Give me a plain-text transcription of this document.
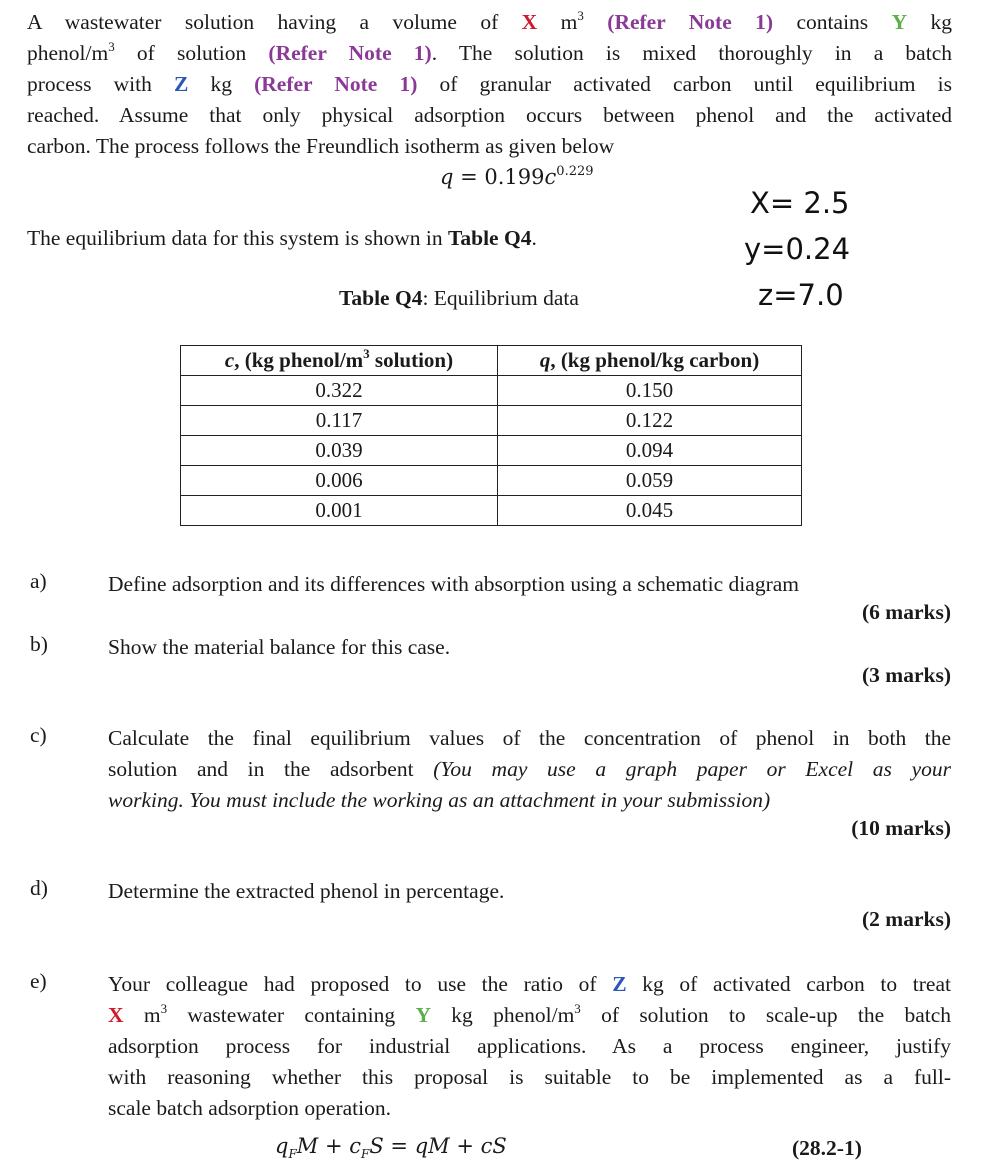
A wastewater solution having a volume of X $m^3$ (Refer Note 1) contains Y kg
phenol/$m^3$ of solution (Refer Note 1). The solution is mixed thoroughly in a batch
process with Z kg (Refer Note 1) of granular activated carbon until equilibrium is
reached. Assume that only physical adsorption occurs between phenol and the activated
carbon. The process follows the Freundlich isotherm as given below
$q = 0.199c^{0.229}$
X= 2.5
y=0.24
z=7.0
The equilibrium data for this system is shown in Table Q4.
Table Q4: Equilibrium data
c, (kg phenol/$m^3$ solution)	q, (kg phenol/kg carbon)
0.322	0.150
0.117	0.122
0.039	0.094
0.006	0.059
0.001	0.045
a)	Define adsorption and its differences with absorption using a schematic diagram
(6 marks)
b)	Show the material balance for this case.
(3 marks)
c)	Calculate the final equilibrium values of the concentration of phenol in both the
solution and in the adsorbent (You may use a graph paper or Excel as your
working. You must include the working as an attachment in your submission)
(10 marks)
d)	Determine the extracted phenol in percentage.
(2 marks)
e)	Your colleague had proposed to use the ratio of Z kg of activated carbon to treat
X $m^3$ wastewater containing Y kg phenol/$m^3$ of solution to scale-up the batch
adsorption process for industrial applications. As a process engineer, justify
with reasoning whether this proposal is suitable to be implemented as a full-
scale batch adsorption operation.
$q_FM + c_FS$ = qM + cS	(28.2-1)
